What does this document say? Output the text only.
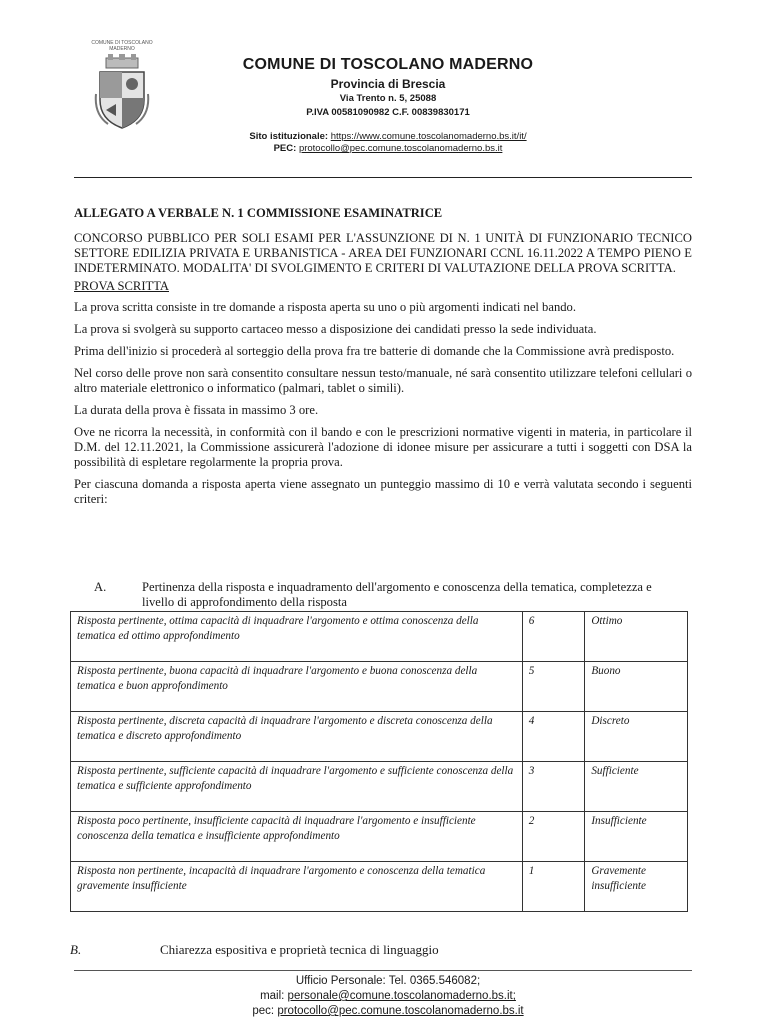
COMUNE DI TOSCOLANO MADERNO
COMUNE DI TOSCOLANO MADERNO
Provincia di Brescia
Via Trento n. 5, 25088
P.IVA 00581090982 C.F. 00839830171
Sito istituzionale: https://www.comune.toscolanomaderno.bs.it/it/
PEC: protocollo@pec.comune.toscolanomaderno.bs.it
ALLEGATO A VERBALE N. 1 COMMISSIONE ESAMINATRICE
CONCORSO PUBBLICO PER SOLI ESAMI PER L'ASSUNZIONE DI N. 1 UNITÀ DI FUNZIONARIO TECNICO SETTORE EDILIZIA PRIVATA E URBANISTICA - AREA DEI FUNZIONARI CCNL 16.11.2022 A TEMPO PIENO E INDETERMINATO. MODALITA' DI SVOLGIMENTO E CRITERI DI VALUTAZIONE DELLA PROVA SCRITTA.
PROVA SCRITTA

La prova scritta consiste in tre domande a risposta aperta su uno o più argomenti indicati nel bando.

La prova si svolgerà su supporto cartaceo messo a disposizione dei candidati presso la sede individuata.

Prima dell'inizio si procederà al sorteggio della prova fra tre batterie di domande che la Commissione avrà predisposto.

Nel corso delle prove non sarà consentito consultare nessun testo/manuale, né sarà consentito utilizzare telefoni cellulari o altro materiale elettronico o informatico (palmari, tablet o simili).

La durata della prova è fissata in massimo 3 ore.

Ove ne ricorra la necessità, in conformità con il bando e con le prescrizioni normative vigenti in materia, in particolare il D.M. del 12.11.2021, la Commissione assicurerà l'adozione di idonee misure per assicurare a tutti i soggetti con DSA la possibilità di espletare regolarmente la propria prova.

Per ciascuna domanda a risposta aperta viene assegnato un punteggio massimo di 10 e verrà valutata secondo i seguenti criteri:

A.	Pertinenza della risposta e inquadramento dell'argomento e conoscenza della tematica, completezza e livello di approfondimento della risposta
Risposta pertinente, ottima capacità di inquadrare l'argomento e ottima conoscenza della tematica ed ottimo approfondimento	6	Ottimo
Risposta pertinente, buona capacità di inquadrare l'argomento e buona conoscenza della tematica e buon approfondimento	5	Buono
Risposta pertinente, discreta capacità di inquadrare l'argomento e discreta conoscenza della tematica e discreto approfondimento	4	Discreto
Risposta pertinente, sufficiente capacità di inquadrare l'argomento e sufficiente conoscenza della tematica e sufficiente approfondimento	3	Sufficiente
Risposta poco pertinente, insufficiente capacità di inquadrare l'argomento e insufficiente conoscenza della tematica e insufficiente approfondimento	2	Insufficiente
Risposta non pertinente, incapacità di inquadrare l'argomento e conoscenza della tematica gravemente insufficiente	1	Gravemente insufficiente
B.	Chiarezza espositiva e proprietà tecnica di linguaggio
Ufficio Personale: Tel. 0365.546082;
mail: personale@comune.toscolanomaderno.bs.it;
pec: protocollo@pec.comune.toscolanomaderno.bs.it
